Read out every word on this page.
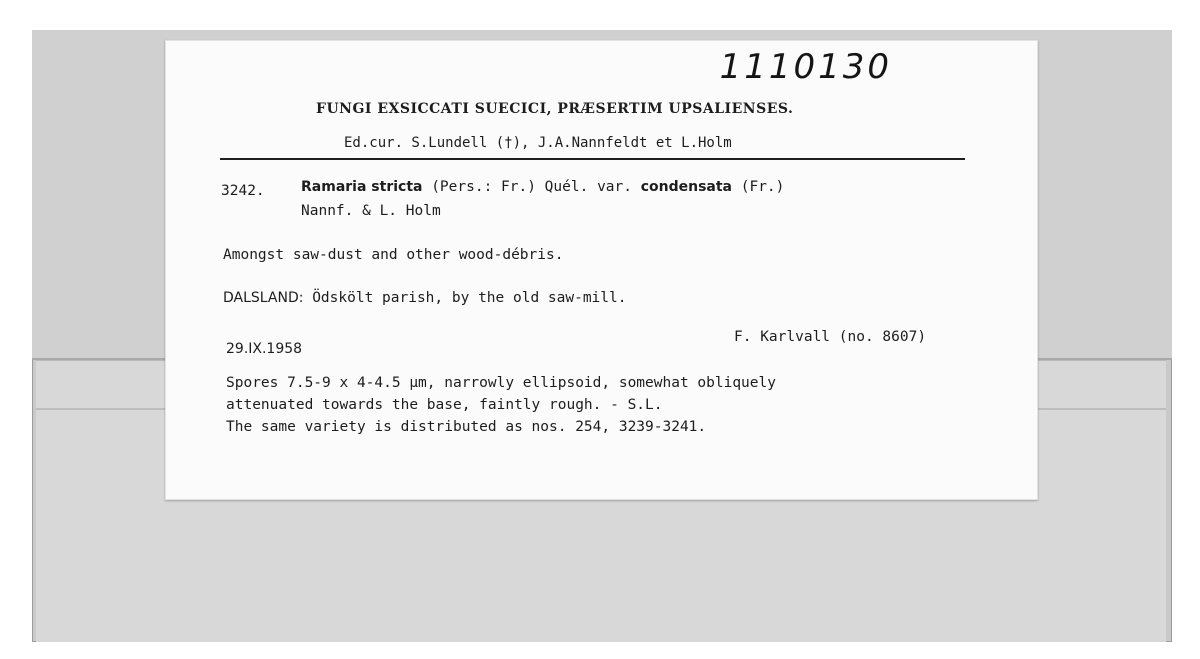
1110130
FUNGI EXSICCATI SUECICI, PRÆSERTIM UPSALIENSES.
Ed.cur. S.Lundell (†), J.A.Nannfeldt et L.Holm
3242.	Ramaria stricta (Pers.: Fr.) Quél. var. condensata (Fr.)
Nannf. & L. Holm
Amongst saw-dust and other wood-débris.
DALSLAND: Ödskölt parish, by the old saw-mill.
29.IX.1958
F. Karlvall (no. 8607)
Spores 7.5-9 x 4-4.5 µm, narrowly ellipsoid, somewhat obliquely
attenuated towards the base, faintly rough. - S.L.
The same variety is distributed as nos. 254, 3239-3241.
